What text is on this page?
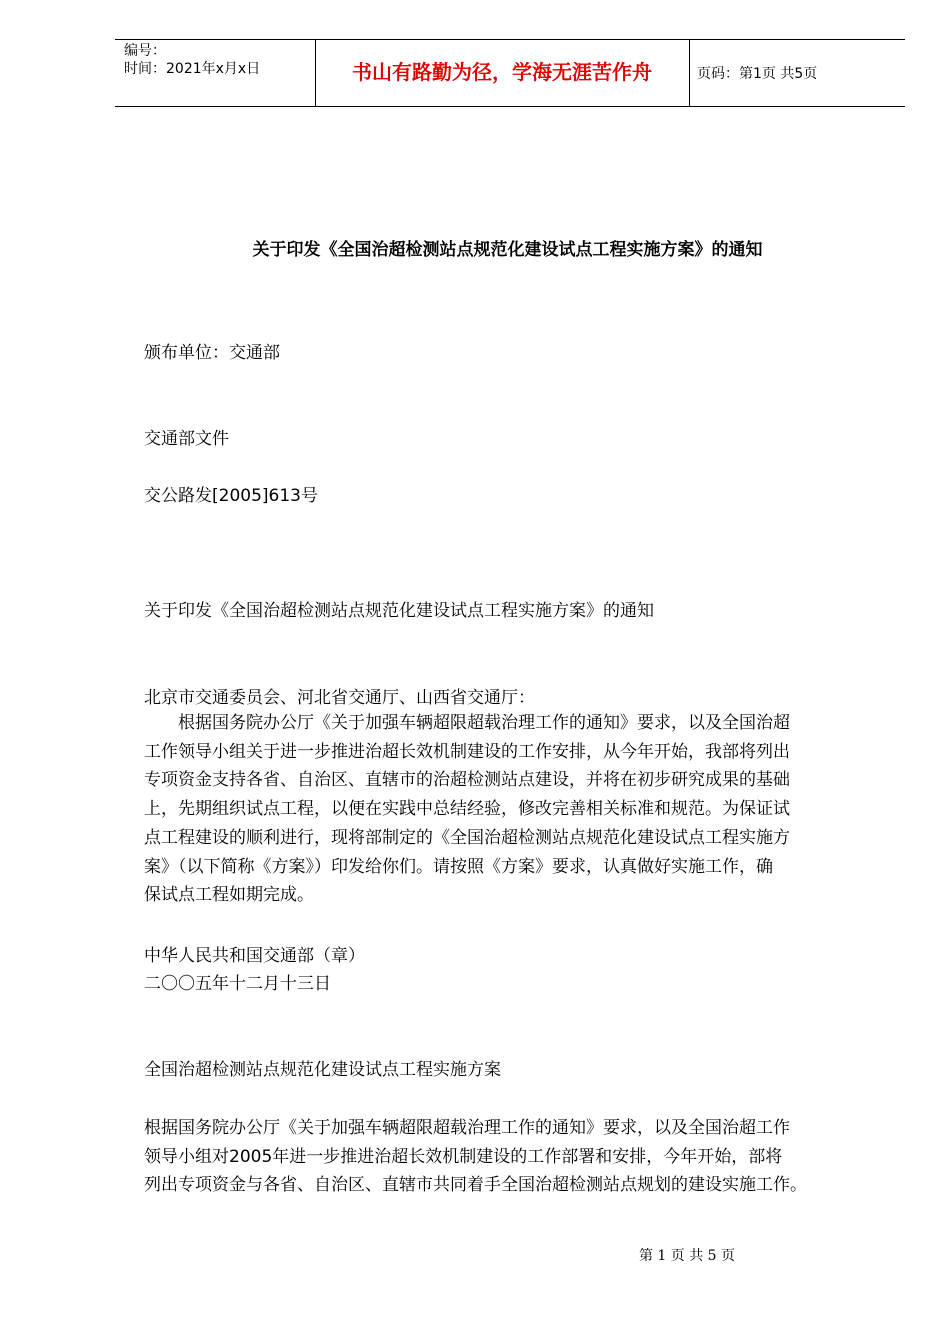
编号：
时间：2021年x月x日	书山有路勤为径，学海无涯苦作舟	页码：第1页 共5页
关于印发《全国治超检测站点规范化建设试点工程实施方案》的通知
颁布单位：交通部
交通部文件
交公路发[2005]613号
关于印发《全国治超检测站点规范化建设试点工程实施方案》的通知
北京市交通委员会、河北省交通厅、山西省交通厅：
　　根据国务院办公厅《关于加强车辆超限超载治理工作的通知》要求，以及全国治超
工作领导小组关于进一步推进治超长效机制建设的工作安排，从今年开始，我部将列出
专项资金支持各省、自治区、直辖市的治超检测站点建设，并将在初步研究成果的基础
上，先期组织试点工程，以便在实践中总结经验，修改完善相关标准和规范。为保证试
点工程建设的顺利进行，现将部制定的《全国治超检测站点规范化建设试点工程实施方
案》（以下简称《方案》）印发给你们。请按照《方案》要求，认真做好实施工作，确
保试点工程如期完成。
中华人民共和国交通部（章）
二〇〇五年十二月十三日
全国治超检测站点规范化建设试点工程实施方案
根据国务院办公厅《关于加强车辆超限超载治理工作的通知》要求，以及全国治超工作
领导小组对2005年进一步推进治超长效机制建设的工作部署和安排，今年开始，部将
列出专项资金与各省、自治区、直辖市共同着手全国治超检测站点规划的建设实施工作。
第 1 页 共 5 页
